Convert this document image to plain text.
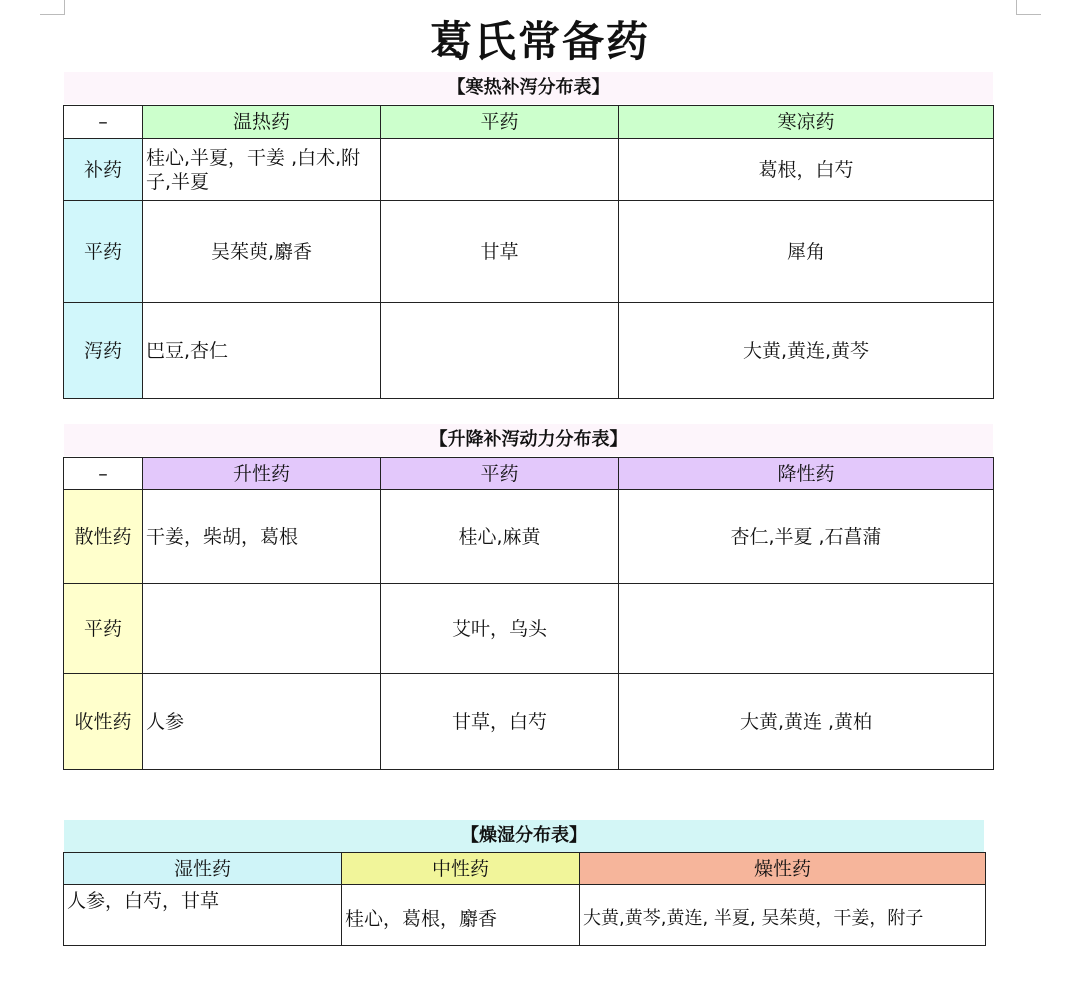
葛氏常备药
【寒热补泻分布表】
–	温热药	平药	寒凉药
补药	桂心,半夏，干姜 ,白术,附子,半夏		葛根，白芍
平药	吴茱萸,麝香	甘草	犀角
泻药	巴豆,杏仁		大黄,黄连,黄芩
【升降补泻动力分布表】
–	升性药	平药	降性药
散性药	干姜，柴胡，葛根	桂心,麻黄	杏仁,半夏 ,石菖蒲
平药		艾叶，乌头	
收性药	人参	甘草，白芍	大黄,黄连 ,黄柏
【燥湿分布表】
湿性药	中性药	燥性药
人参，白芍，甘草	桂心，葛根，麝香	大黄,黄芩,黄连, 半夏, 吴茱萸，干姜，附子
